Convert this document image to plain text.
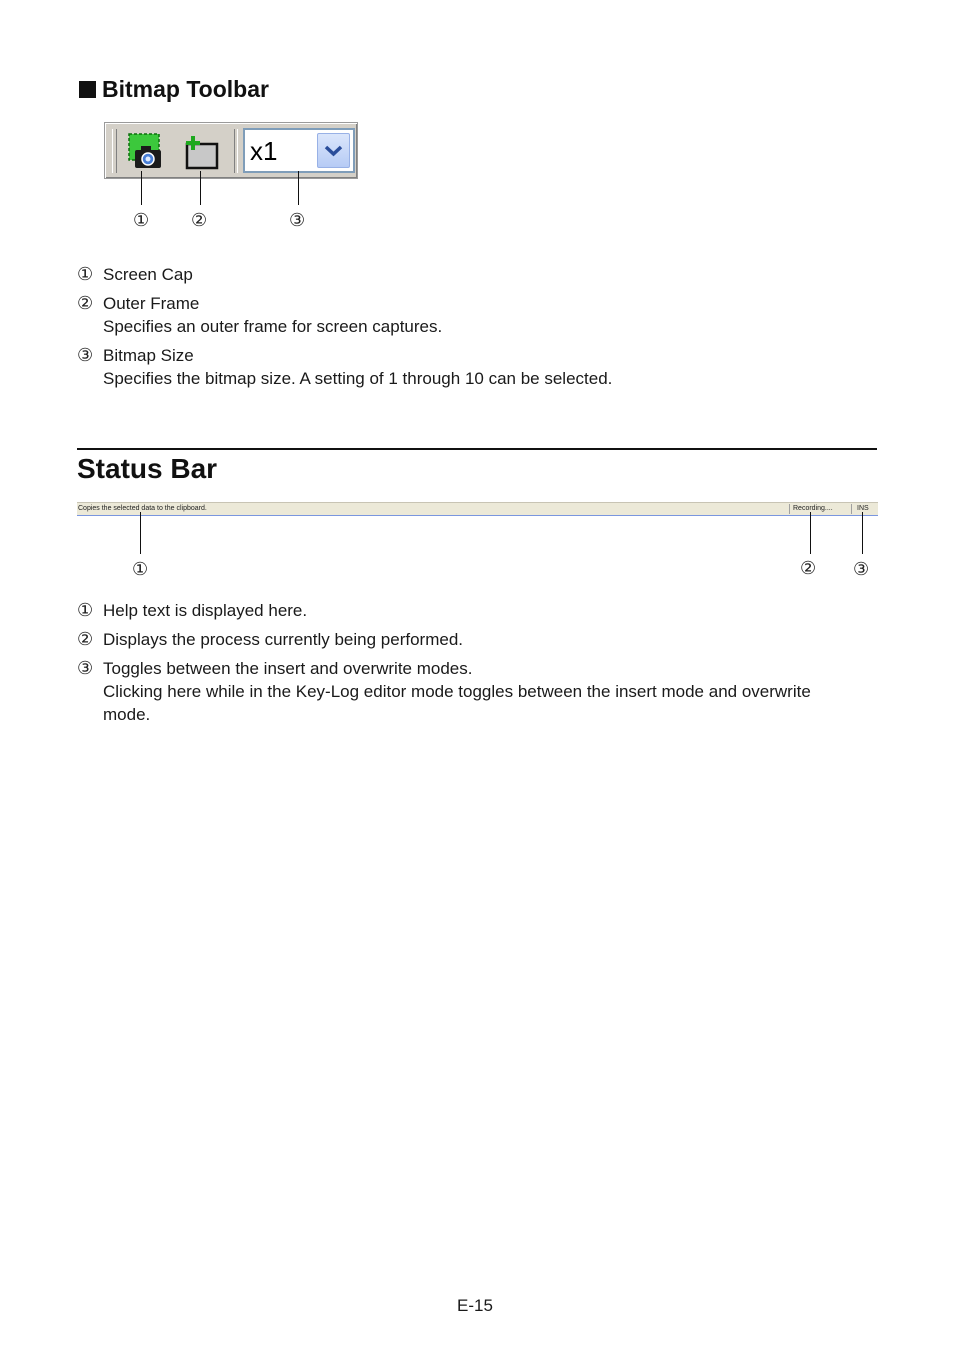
Bitmap Toolbar
x1
① ②	③
① Screen Cap
② Outer Frame
Specifies an outer frame for screen captures.
③ Bitmap Size
Specifies the bitmap size. A setting of 1 through 10 can be selected.
Status Bar
Copies the selected data to the clipboard.	Recording....	INS
①	② ③
① Help text is displayed here.
② Displays the process currently being performed.
③ Toggles between the insert and overwrite modes.
Clicking here while in the Key-Log editor mode toggles between the insert mode and overwrite
mode.
E-15
